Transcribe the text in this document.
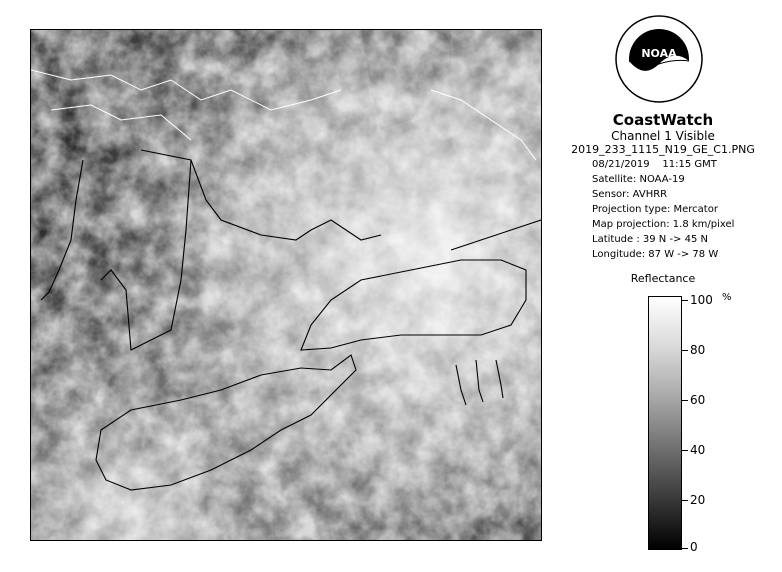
NOAA
CoastWatch
Channel 1 Visible
2019_233_1115_N19_GE_C1.PNG
08/21/2019 11:15 GMT
Satellite: NOAA-19
Sensor: AVHRR
Projection type: Mercator
Map projection: 1.8 km/pixel
Latitude : 39 N -> 45 N
Longitude: 87 W -> 78 W
Reflectance
%
100
80
60
40
20
0
